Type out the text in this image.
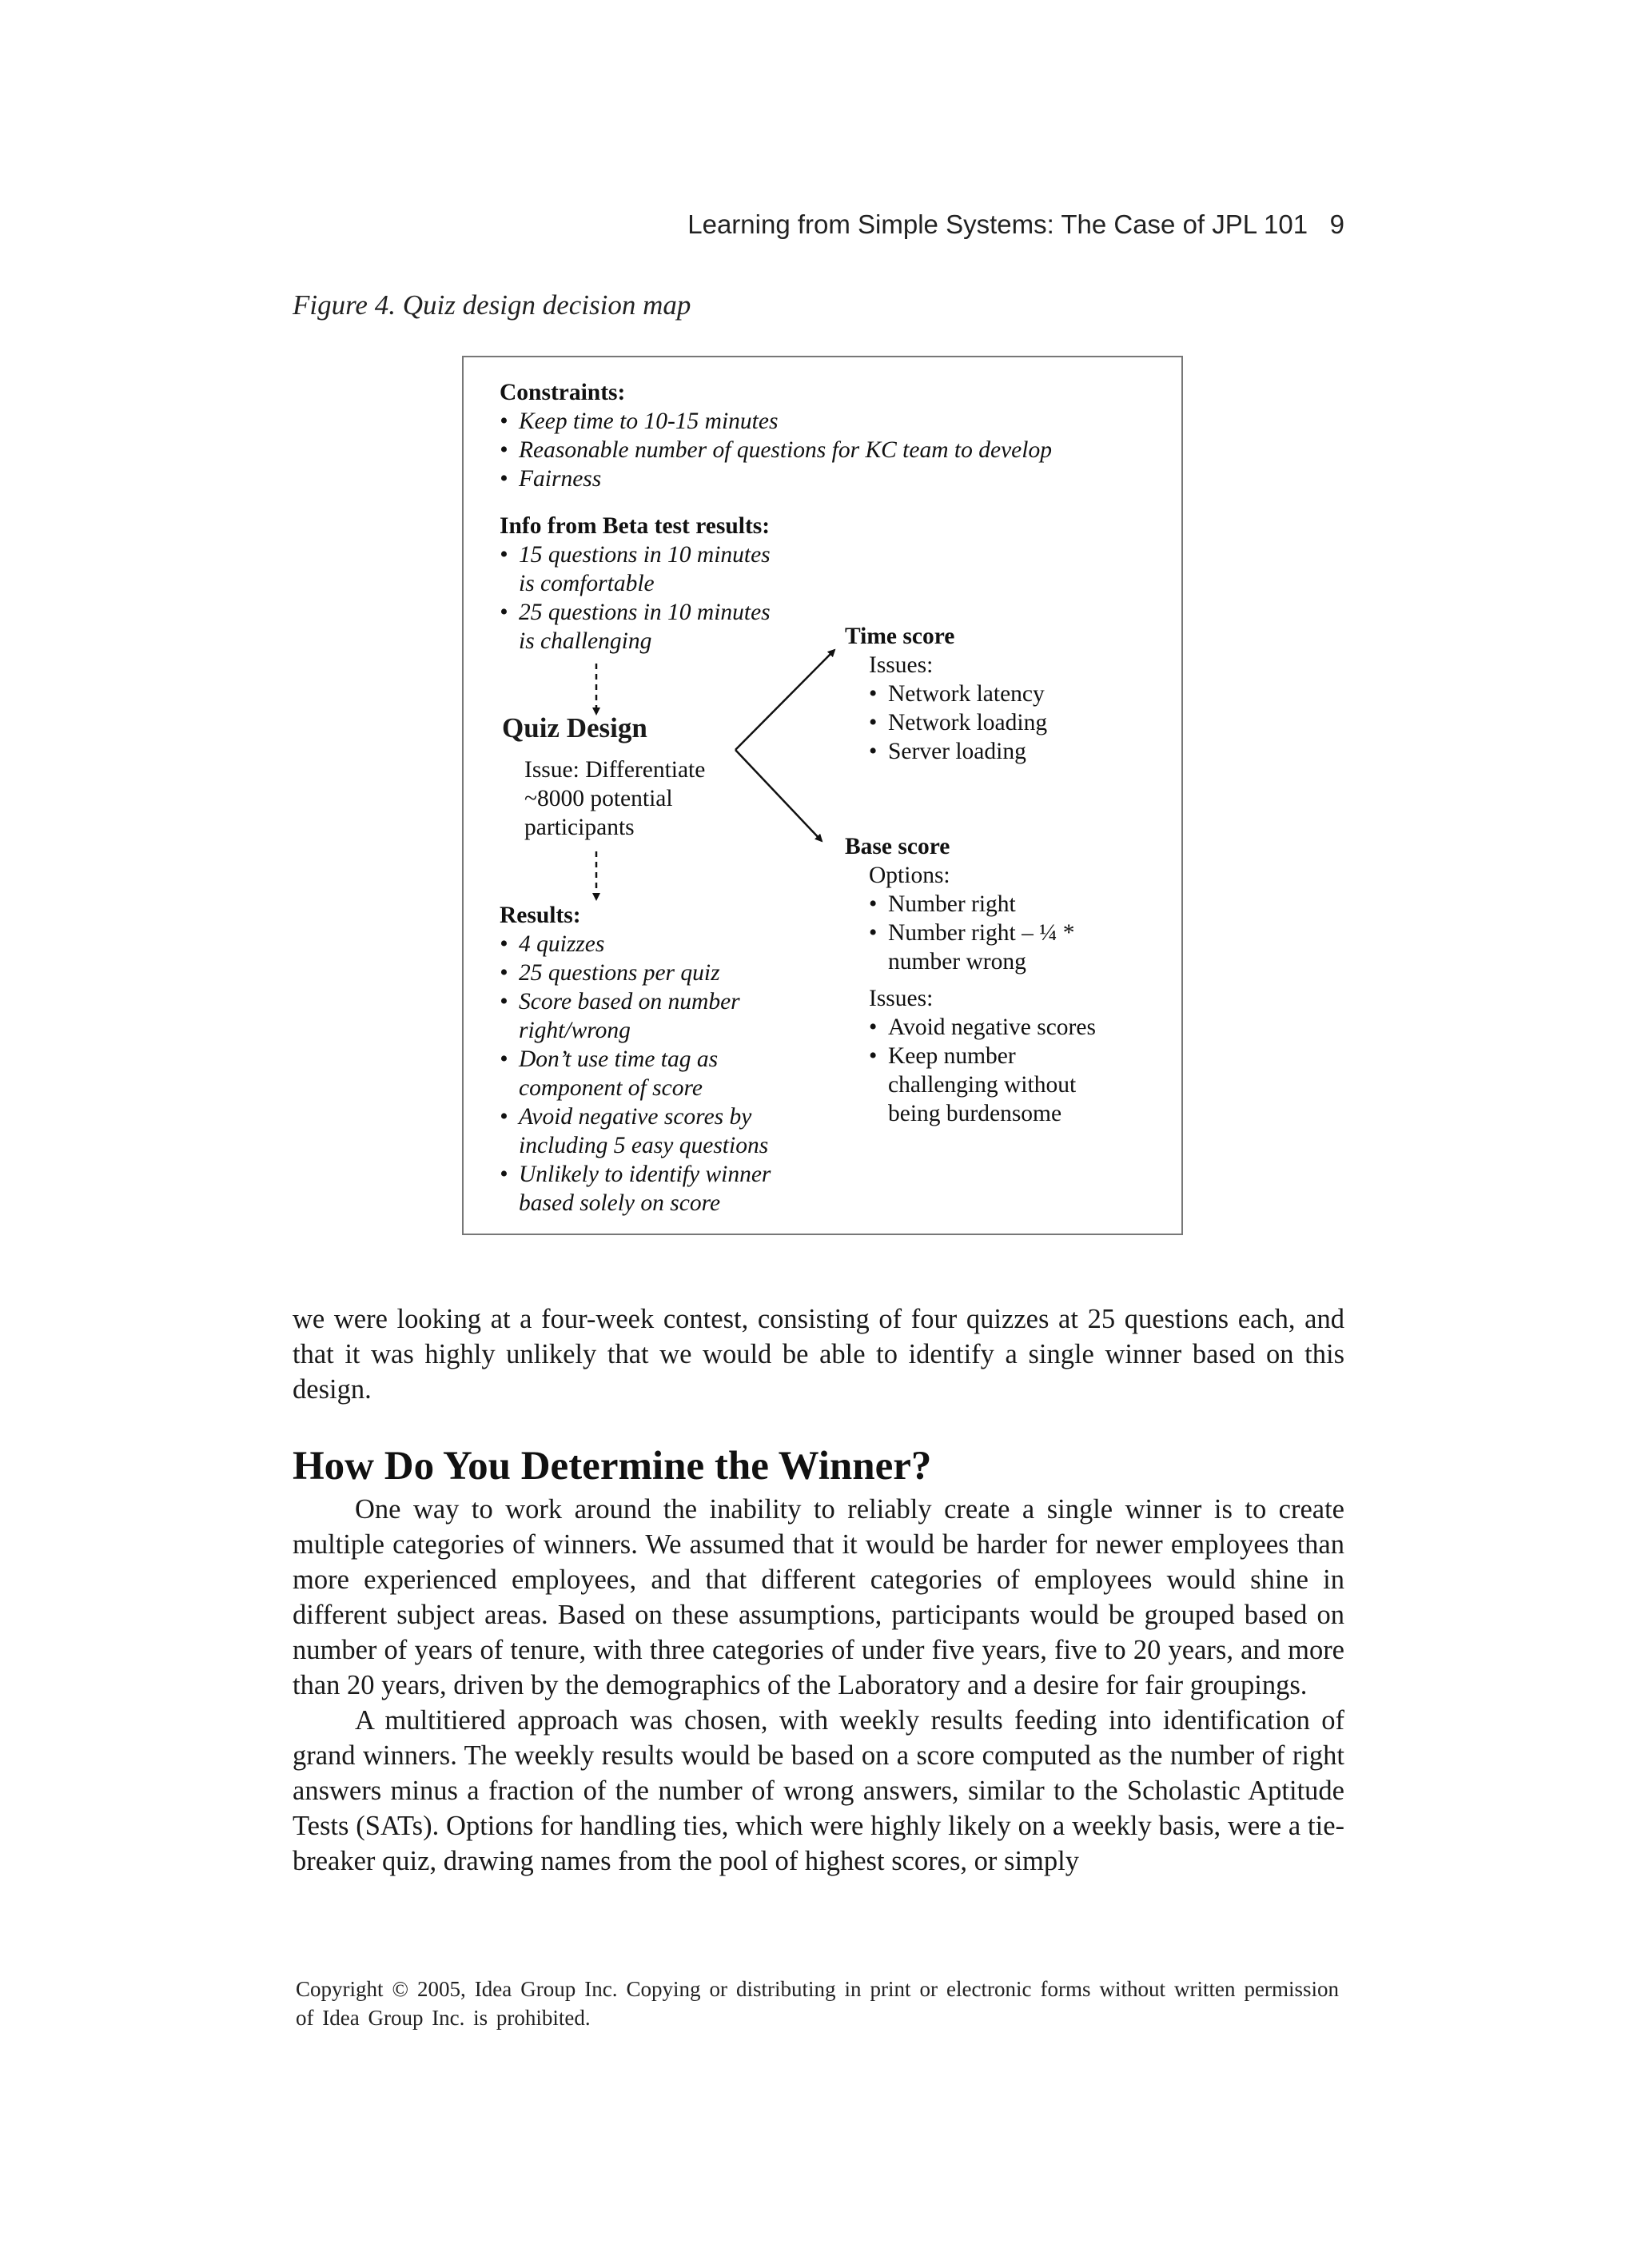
Learning from Simple Systems: The Case of JPL 101 9
Figure 4. Quiz design decision map
Constraints:
• Keep time to 10-15 minutes
• Reasonable number of questions for KC team to develop
• Fairness
Info from Beta test results:
• 15 questions in 10 minutes
is comfortable
• 25 questions in 10 minutes
is challenging
Quiz Design
Issue: Differentiate
~8000 potential
participants
Results:
• 4 quizzes
• 25 questions per quiz
• Score based on number
right/wrong
• Don’t use time tag as
component of score
• Avoid negative scores by
including 5 easy questions
• Unlikely to identify winner
based solely on score
Time score
Issues:
• Network latency
• Network loading
• Server loading
Base score
Options:
• Number right
• Number right – ¼ *
number wrong
Issues:
• Avoid negative scores
• Keep number
challenging without
being burdensome

we were looking at a four-week contest, consisting of four quizzes at 25 questions each, and that it was highly unlikely that we would be able to identify a single winner based on this design.

How Do You Determine the Winner?

One way to work around the inability to reliably create a single winner is to create multiple categories of winners. We assumed that it would be harder for newer employees than more experienced employees, and that different categories of employees would shine in different subject areas. Based on these assumptions, participants would be grouped based on number of years of tenure, with three categories of under five years, five to 20 years, and more than 20 years, driven by the demographics of the Laboratory and a desire for fair groupings.

A multitiered approach was chosen, with weekly results feeding into identification of grand winners. The weekly results would be based on a score computed as the number of right answers minus a fraction of the number of wrong answers, similar to the Scholastic Aptitude Tests (SATs). Options for handling ties, which were highly likely on a weekly basis, were a tie-breaker quiz, drawing names from the pool of highest scores, or simply

Copyright © 2005, Idea Group Inc. Copying or distributing in print or electronic forms without written permission of Idea Group Inc. is prohibited.
